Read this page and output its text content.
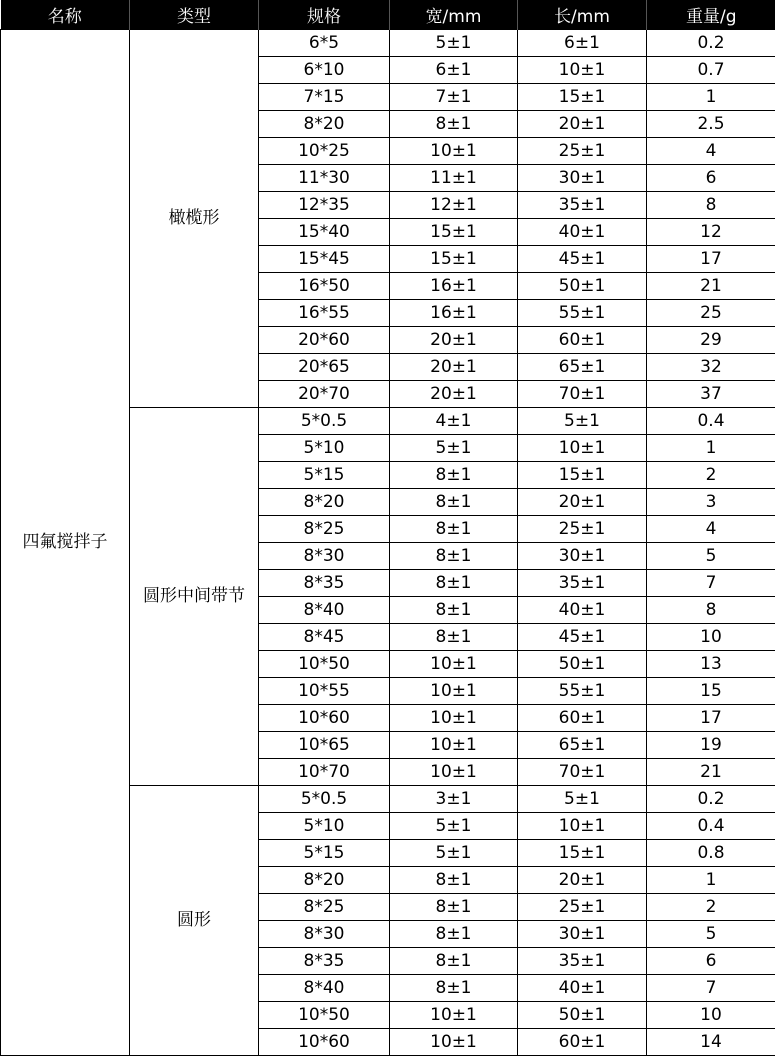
名称	类型	规格	宽/mm	长/mm	重量/g
四氟搅拌子	橄榄形	6*5	5±1	6±1	0.2
		6*10	6±1	10±1	0.7
		7*15	7±1	15±1	1
		8*20	8±1	20±1	2.5
		10*25	10±1	25±1	4
		11*30	11±1	30±1	6
		12*35	12±1	35±1	8
		15*40	15±1	40±1	12
		15*45	15±1	45±1	17
		16*50	16±1	50±1	21
		16*55	16±1	55±1	25
		20*60	20±1	60±1	29
		20*65	20±1	65±1	32
		20*70	20±1	70±1	37
	圆形中间带节	5*0.5	4±1	5±1	0.4
		5*10	5±1	10±1	1
		5*15	8±1	15±1	2
		8*20	8±1	20±1	3
		8*25	8±1	25±1	4
		8*30	8±1	30±1	5
		8*35	8±1	35±1	7
		8*40	8±1	40±1	8
		8*45	8±1	45±1	10
		10*50	10±1	50±1	13
		10*55	10±1	55±1	15
		10*60	10±1	60±1	17
		10*65	10±1	65±1	19
		10*70	10±1	70±1	21
	圆形	5*0.5	3±1	5±1	0.2
		5*10	5±1	10±1	0.4
		5*15	5±1	15±1	0.8
		8*20	8±1	20±1	1
		8*25	8±1	25±1	2
		8*30	8±1	30±1	5
		8*35	8±1	35±1	6
		8*40	8±1	40±1	7
		10*50	10±1	50±1	10
		10*60	10±1	60±1	14
